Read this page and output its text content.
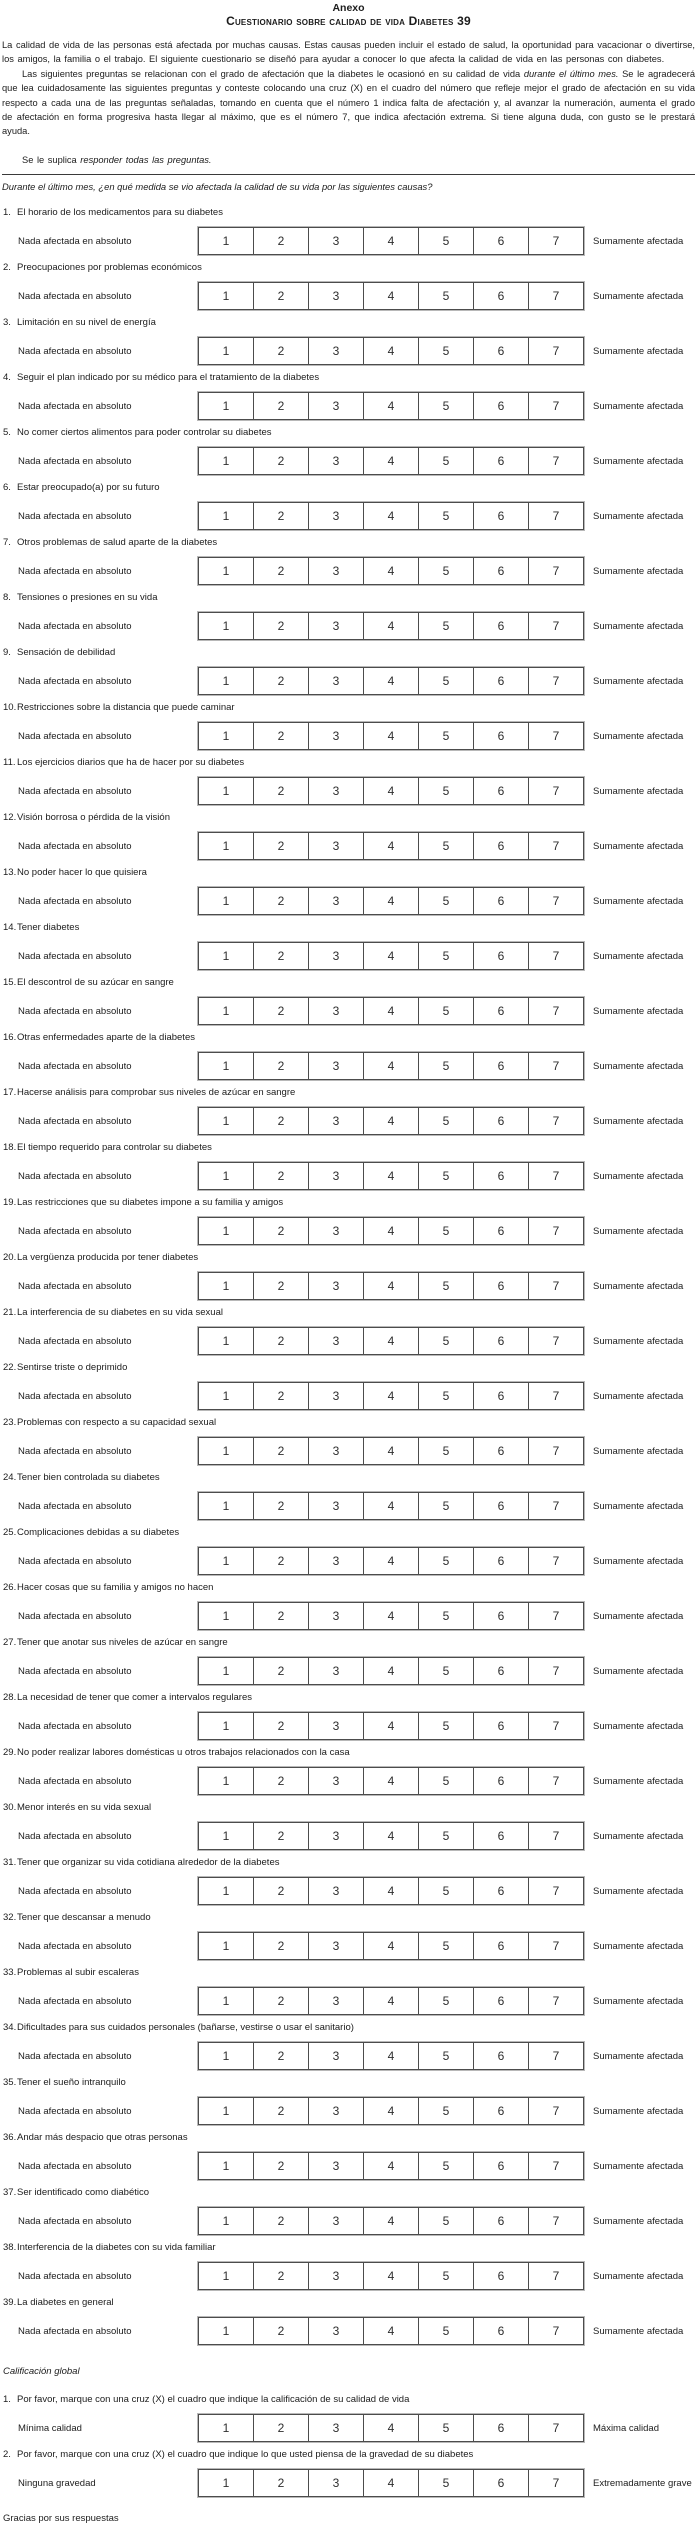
Anexo
Cuestionario sobre calidad de vida Diabetes 39

La calidad de vida de las personas está afectada por muchas causas. Estas causas pueden incluir el estado de salud, la oportunidad para vacacionar o divertirse, los amigos, la familia o el trabajo. El siguiente cuestionario se diseñó para ayudar a conocer lo que afecta la calidad de vida en las personas con diabetes.

Las siguientes preguntas se relacionan con el grado de afectación que la diabetes le ocasionó en su calidad de vida durante el último mes. Se le agradecerá que lea cuidadosamente las siguientes preguntas y conteste colocando una cruz (X) en el cuadro del número que refleje mejor el grado de afectación en su vida respecto a cada una de las preguntas señaladas, tomando en cuenta que el número 1 indica falta de afectación y, al avanzar la numeración, aumenta el grado de afectación en forma progresiva hasta llegar al máximo, que es el número 7, que indica afectación extrema. Si tiene alguna duda, con gusto se le prestará ayuda.

Se le suplica responder todas las preguntas.

Durante el último mes, ¿en qué medida se vio afectada la calidad de su vida por las siguientes causas?

1. El horario de los medicamentos para su diabetes
Nada afectada en absoluto	1	2	3	4	5	6	7	Sumamente afectada
2. Preocupaciones por problemas económicos
Nada afectada en absoluto	1	2	3	4	5	6	7	Sumamente afectada
3. Limitación en su nivel de energía
Nada afectada en absoluto	1	2	3	4	5	6	7	Sumamente afectada
4. Seguir el plan indicado por su médico para el tratamiento de la diabetes
Nada afectada en absoluto	1	2	3	4	5	6	7	Sumamente afectada
5. No comer ciertos alimentos para poder controlar su diabetes
Nada afectada en absoluto	1	2	3	4	5	6	7	Sumamente afectada
6. Estar preocupado(a) por su futuro
Nada afectada en absoluto	1	2	3	4	5	6	7	Sumamente afectada
7. Otros problemas de salud aparte de la diabetes
Nada afectada en absoluto	1	2	3	4	5	6	7	Sumamente afectada
8. Tensiones o presiones en su vida
Nada afectada en absoluto	1	2	3	4	5	6	7	Sumamente afectada
9. Sensación de debilidad
Nada afectada en absoluto	1	2	3	4	5	6	7	Sumamente afectada
10. Restricciones sobre la distancia que puede caminar
Nada afectada en absoluto	1	2	3	4	5	6	7	Sumamente afectada
11. Los ejercicios diarios que ha de hacer por su diabetes
Nada afectada en absoluto	1	2	3	4	5	6	7	Sumamente afectada
12. Visión borrosa o pérdida de la visión
Nada afectada en absoluto	1	2	3	4	5	6	7	Sumamente afectada
13. No poder hacer lo que quisiera
Nada afectada en absoluto	1	2	3	4	5	6	7	Sumamente afectada
14. Tener diabetes
Nada afectada en absoluto	1	2	3	4	5	6	7	Sumamente afectada
15. El descontrol de su azúcar en sangre
Nada afectada en absoluto	1	2	3	4	5	6	7	Sumamente afectada
16. Otras enfermedades aparte de la diabetes
Nada afectada en absoluto	1	2	3	4	5	6	7	Sumamente afectada
17. Hacerse análisis para comprobar sus niveles de azúcar en sangre
Nada afectada en absoluto	1	2	3	4	5	6	7	Sumamente afectada
18. El tiempo requerido para controlar su diabetes
Nada afectada en absoluto	1	2	3	4	5	6	7	Sumamente afectada
19. Las restricciones que su diabetes impone a su familia y amigos
Nada afectada en absoluto	1	2	3	4	5	6	7	Sumamente afectada
20. La vergüenza producida por tener diabetes
Nada afectada en absoluto	1	2	3	4	5	6	7	Sumamente afectada
21. La interferencia de su diabetes en su vida sexual
Nada afectada en absoluto	1	2	3	4	5	6	7	Sumamente afectada
22. Sentirse triste o deprimido
Nada afectada en absoluto	1	2	3	4	5	6	7	Sumamente afectada
23. Problemas con respecto a su capacidad sexual
Nada afectada en absoluto	1	2	3	4	5	6	7	Sumamente afectada
24. Tener bien controlada su diabetes
Nada afectada en absoluto	1	2	3	4	5	6	7	Sumamente afectada
25. Complicaciones debidas a su diabetes
Nada afectada en absoluto	1	2	3	4	5	6	7	Sumamente afectada
26. Hacer cosas que su familia y amigos no hacen
Nada afectada en absoluto	1	2	3	4	5	6	7	Sumamente afectada
27. Tener que anotar sus niveles de azúcar en sangre
Nada afectada en absoluto	1	2	3	4	5	6	7	Sumamente afectada
28. La necesidad de tener que comer a intervalos regulares
Nada afectada en absoluto	1	2	3	4	5	6	7	Sumamente afectada
29. No poder realizar labores domésticas u otros trabajos relacionados con la casa
Nada afectada en absoluto	1	2	3	4	5	6	7	Sumamente afectada
30. Menor interés en su vida sexual
Nada afectada en absoluto	1	2	3	4	5	6	7	Sumamente afectada
31. Tener que organizar su vida cotidiana alrededor de la diabetes
Nada afectada en absoluto	1	2	3	4	5	6	7	Sumamente afectada
32. Tener que descansar a menudo
Nada afectada en absoluto	1	2	3	4	5	6	7	Sumamente afectada
33. Problemas al subir escaleras
Nada afectada en absoluto	1	2	3	4	5	6	7	Sumamente afectada
34. Dificultades para sus cuidados personales (bañarse, vestirse o usar el sanitario)
Nada afectada en absoluto	1	2	3	4	5	6	7	Sumamente afectada
35. Tener el sueño intranquilo
Nada afectada en absoluto	1	2	3	4	5	6	7	Sumamente afectada
36. Andar más despacio que otras personas
Nada afectada en absoluto	1	2	3	4	5	6	7	Sumamente afectada
37. Ser identificado como diabético
Nada afectada en absoluto	1	2	3	4	5	6	7	Sumamente afectada
38. Interferencia de la diabetes con su vida familiar
Nada afectada en absoluto	1	2	3	4	5	6	7	Sumamente afectada
39. La diabetes en general
Nada afectada en absoluto	1	2	3	4	5	6	7	Sumamente afectada

Calificación global

1. Por favor, marque con una cruz (X) el cuadro que indique la calificación de su calidad de vida
Mínima calidad	1	2	3	4	5	6	7	Máxima calidad
2. Por favor, marque con una cruz (X) el cuadro que indique lo que usted piensa de la gravedad de su diabetes
Ninguna gravedad	1	2	3	4	5	6	7	Extremadamente grave

Gracias por sus respuestas
